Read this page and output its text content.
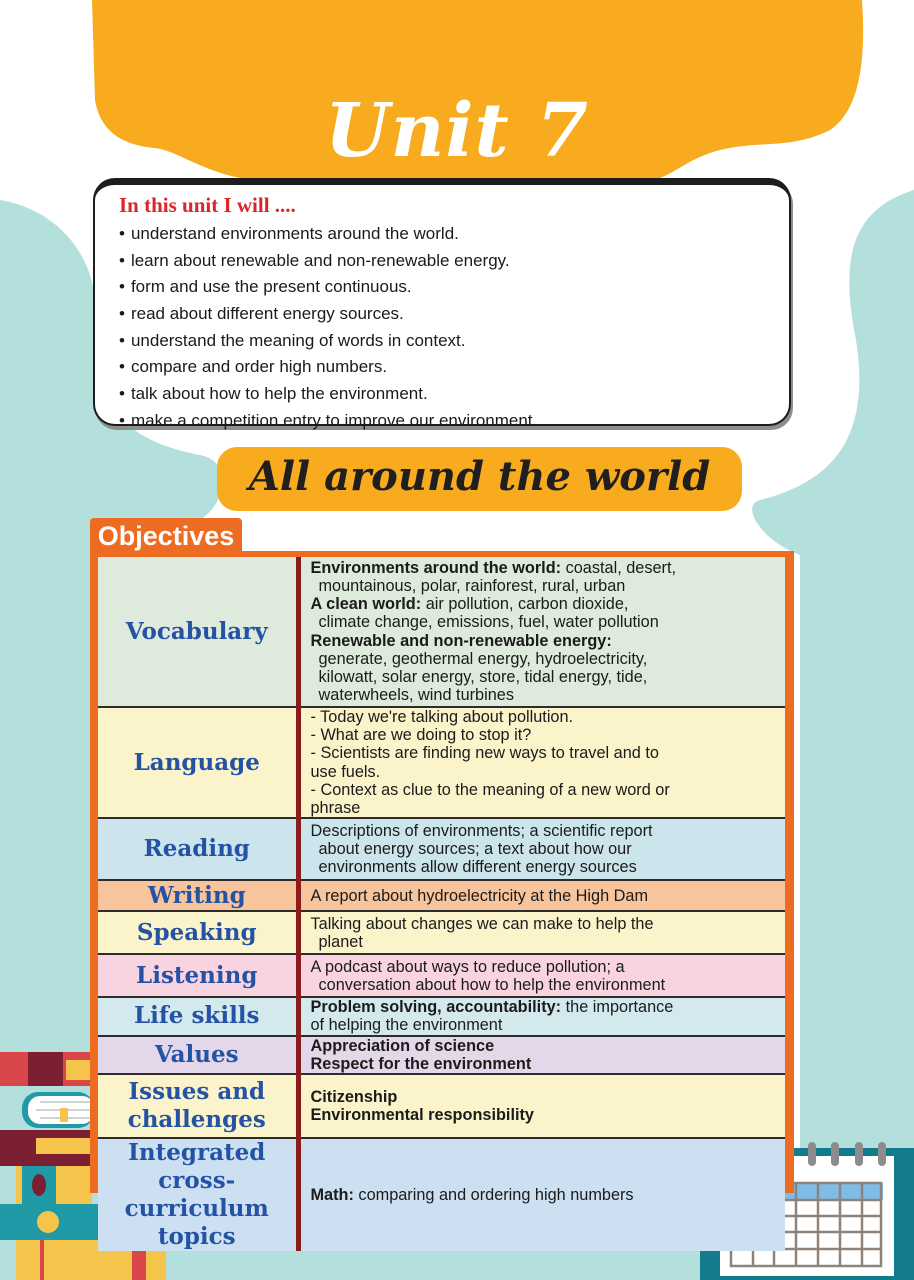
Unit 7
In this unit I will ....
• understand environments around the world.
• learn about renewable and non-renewable energy.
• form and use the present continuous.
• read about different energy sources.
• understand the meaning of words in context.
• compare and order high numbers.
• talk about how to help the environment.
• make a competition entry to improve our environment.
All around the world
Objectives
Vocabulary	
Environments around the world: coastal, desert,
mountainous, polar, rainforest, rural, urban
A clean world: air pollution, carbon dioxide,
climate change, emissions, fuel, water pollution
Renewable and non-renewable energy:
generate, geothermal energy, hydroelectricity,
kilowatt, solar energy, store, tidal energy, tide,
waterwheels, wind turbines

Language	
- Today we're talking about pollution.
- What are we doing to stop it?
- Scientists are finding new ways to travel and to
use fuels.
- Context as clue to the meaning of a new word or
phrase

Reading	Descriptions of environments; a scientific report
about energy sources; a text about how our
environments allow different energy sources

Writing	A report about hydroelectricity at the High Dam

Speaking	Talking about changes we can make to help the
planet

Listening	A podcast about ways to reduce pollution; a
conversation about how to help the environment

Life skills	Problem solving, accountability: the importance
of helping the environment

Values	Appreciation of science
Respect for the environment

Issues and challenges	Citizenship
Environmental responsibility

Integrated cross-curriculum topics	Math: comparing and ordering high numbers
